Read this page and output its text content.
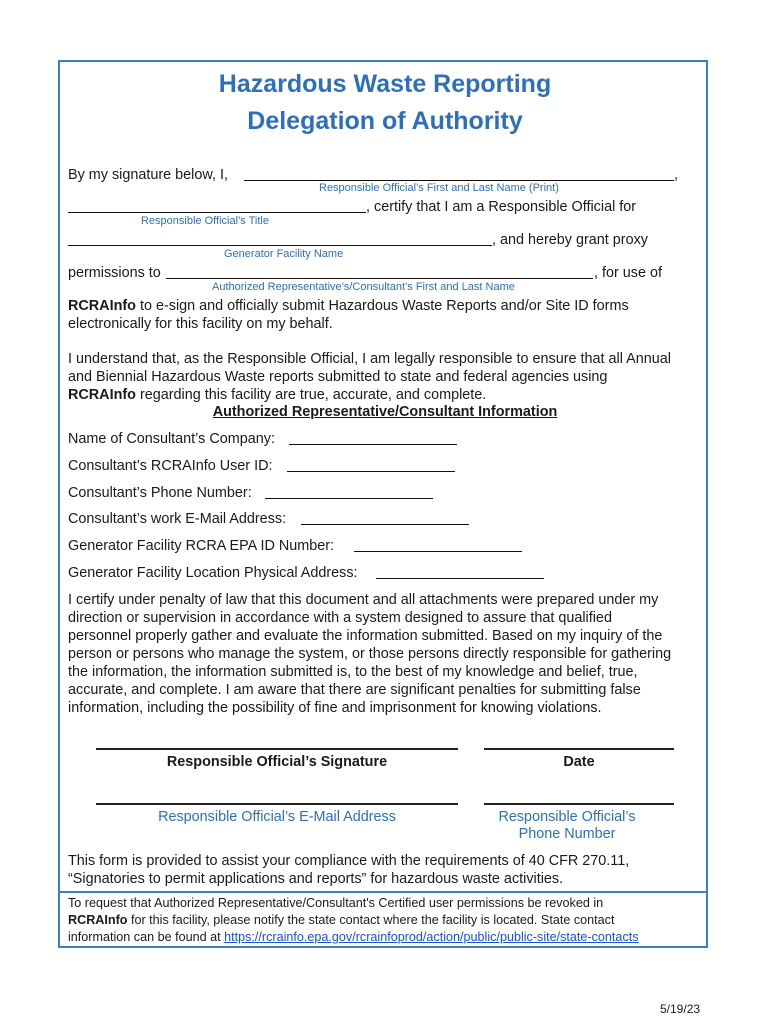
Hazardous Waste Reporting
Delegation of Authority
By my signature below, I,	,
Responsible Official’s First and Last Name (Print)
, certify that I am a Responsible Official for
Responsible Official’s Title
, and hereby grant proxy
Generator Facility Name
permissions to	, for use of
Authorized Representative’s/Consultant’s First and Last Name
RCRAInfo to e-sign and officially submit Hazardous Waste Reports and/or Site ID forms
electronically for this facility on my behalf.
I understand that, as the Responsible Official, I am legally responsible to ensure that all Annual
and Biennial Hazardous Waste reports submitted to state and federal agencies using
RCRAInfo regarding this facility are true, accurate, and complete.
Authorized Representative/Consultant Information
Name of Consultant’s Company:
Consultant’s RCRAInfo User ID:
Consultant’s Phone Number:
Consultant’s work E-Mail Address:
Generator Facility RCRA EPA ID Number:
Generator Facility Location Physical Address:
I certify under penalty of law that this document and all attachments were prepared under my
direction or supervision in accordance with a system designed to assure that qualified
personnel properly gather and evaluate the information submitted. Based on my inquiry of the
person or persons who manage the system, or those persons directly responsible for gathering
the information, the information submitted is, to the best of my knowledge and belief, true,
accurate, and complete. I am aware that there are significant penalties for submitting false
information, including the possibility of fine and imprisonment for knowing violations.
Responsible Official’s Signature	Date
Responsible Official’s E-Mail Address	Responsible Official’s
Phone Number
This form is provided to assist your compliance with the requirements of 40 CFR 270.11,
“Signatories to permit applications and reports” for hazardous waste activities.
To request that Authorized Representative/Consultant's Certified user permissions be revoked in
RCRAInfo for this facility, please notify the state contact where the facility is located. State contact
information can be found at https://rcrainfo.epa.gov/rcrainfoprod/action/public/public-site/state-contacts
5/19/23
